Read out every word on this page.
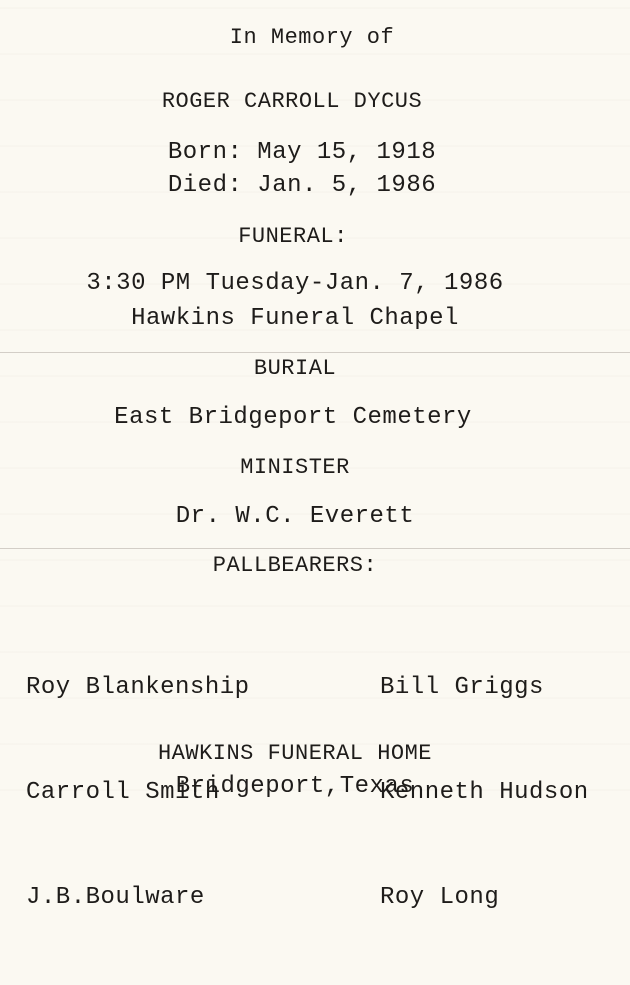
In Memory of
ROGER CARROLL DYCUS
Born: May 15, 1918
Died: Jan. 5, 1986
FUNERAL:
3:30 PM Tuesday-Jan. 7, 1986
Hawkins Funeral Chapel
BURIAL
East Bridgeport Cemetery
MINISTER
Dr. W.C. Everett
PALLBEARERS:

Roy Blankenship

Carroll Smith

J.B.Boulware

Bill Griggs

Kenneth Hudson

Roy Long

HAWKINS FUNERAL HOME
Bridgeport,Texas
